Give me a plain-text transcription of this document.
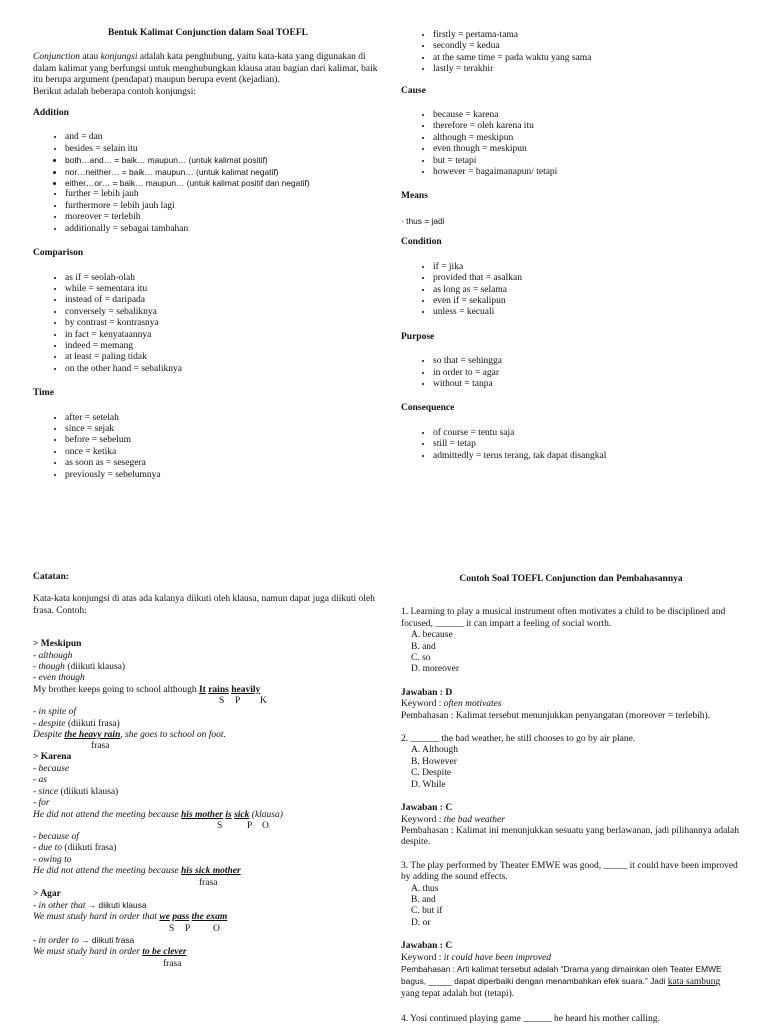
Bentuk Kalimat Conjunction dalam Soal TOEFL

Conjunction atau konjungsi adalah kata penghubung, yaitu kata-kata yang digunakan di dalam kalimat yang berfungsi untuk menghubungkan klausa atau bagian dari kalimat, baik itu berupa argument (pendapat) maupun berupa event (kejadian).

Berikut adalah beberapa contoh konjungsi:

Addition
• and = dan
• besides = selain itu
• both…and… = baik… maupun… (untuk kalimat positif)
• nor…neither… = baik… maupun… (untuk kalimat negatif)
• either…or… = baik… maupun… (untuk kalimat positif dan negatif)
• further = lebih jauh
• furthermore = lebih jauh lagi
• moreover = terlebih
• additionally = sebagai tambahan
Comparison
• as if = seolah-olah
• while = sementara itu
• instead of = daripada
• conversely = sebaliknya
• by contrast = kontrasnya
• in fact = kenyataannya
• indeed = memang
• at least = paling tidak
• on the other hand = sebaliknya
Time
• after = setelah
• since = sejak
• before = sebelum
• once = ketika
• as soon as = sesegera
• previously = sebelumnya
• firstly = pertama-tama
• secondly = kedua
• at the same time = pada waktu yang sama
• lastly = terakhir
Cause
• because = karena
• therefore = oleh karena itu
• although = meskipun
• even though = meskipun
• but = tetapi
• however = bagaimanapun/ tetapi
Means

· thus = jadi

Condition
• if = jika
• provided that = asalkan
• as long as = selama
• even if = sekalipun
• unless = kecuali
Purpose
• so that = sehingga
• in order to = agar
• without = tanpa
Consequence
• of course = tentu saja
• still = tetap
• admittedly = terus terang, tak dapat disangkal

Catatan:

Kata-kata konjungsi di atas ada kalanya diikuti oleh klausa, namun dapat juga diikuti oleh frasa. Contoh:

> Meskipun

- although

- though (diikuti klausa)

- even though

My brother keeps going to school although It rains heavily

S P K

- in spite of

- despite (diikuti frasa)

Despite the heavy rain, she goes to school on foot.

frasa

> Karena

- because

- as

- since (diikuti klausa)

- for

He did not attend the meeting because his mother is sick (klausa)

S	P O

- because of

- due to (diikuti frasa)

- owing to

He did not attend the meeting because his sick mother

frasa

> Agar

- in other that → diikuti klausa

We must study hard in order that we pass the exam

S P O

- in order to → diikuti frasa

We must study hard in order to be clever

frasa

Contoh Soal TOEFL Conjunction dan Pembahasannya

1. Learning to play a musical instrument often motivates a child to be disciplined and focused, ______ it can impart a feeling of social worth.

A. because

B. and

C. so

D. moreover

Jawaban : D

Keyword : often motivates

Pembahasan : Kalimat tersebut menunjukkan penyangatan (moreover = terlebih).

2. ______ the bad weather, he still chooses to go by air plane.

A. Although

B. However

C. Despite

D. While

Jawaban : C

Keyword : the bad weather

Pembahasan : Kalimat ini menunjukkan sesuatu yang berlawanan, jadi pilihannya adalah despite.

3. The play performed by Theater EMWE was good, _____ it could have been improved by adding the sound effects.

A. thus

B. and

C. but if

D. or

Jawaban : C

Keyword : it could have been improved

Pembahasan : Arti kalimat tersebut adalah “Drama yang dimainkan oleh Teater EMWE bagus, _____ dapat diperbaiki dengan menambahkan efek suara.” Jadi kata sambung yang tepat adalah but (tetapi).

4. Yosi continued playing game ______ he heard his mother calling.
